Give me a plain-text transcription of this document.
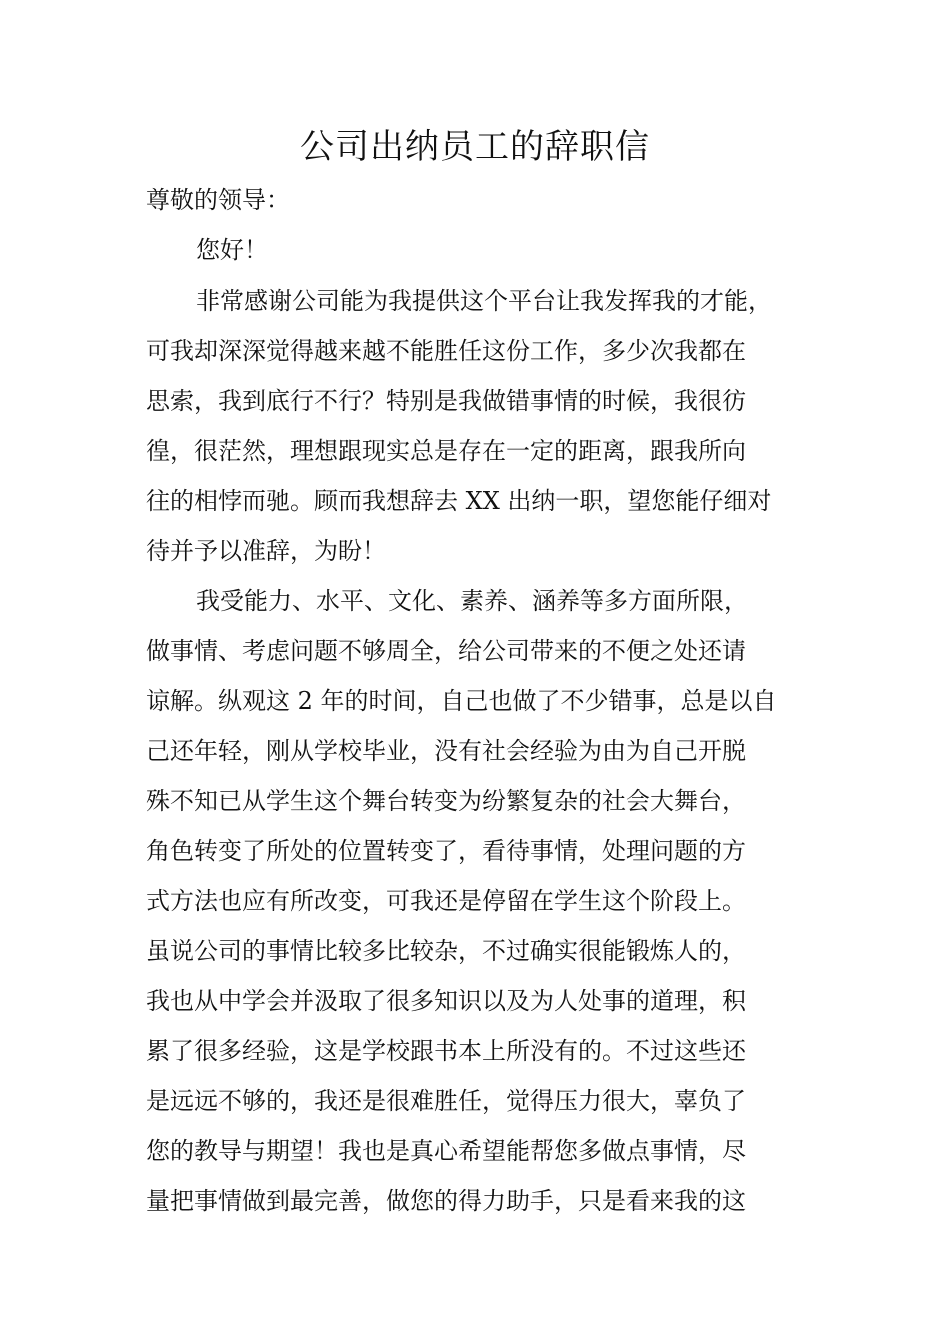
公司出纳员工的辞职信
尊敬的领导：
您好！
非常感谢公司能为我提供这个平台让我发挥我的才能，
可我却深深觉得越来越不能胜任这份工作，多少次我都在
思索，我到底行不行？特别是我做错事情的时候，我很彷
徨，很茫然，理想跟现实总是存在一定的距离，跟我所向
往的相悖而驰。顾而我想辞去 XX 出纳一职，望您能仔细对
待并予以准辞，为盼！
我受能力、水平、文化、素养、涵养等多方面所限，
做事情、考虑问题不够周全，给公司带来的不便之处还请
谅解。纵观这 2 年的时间，自己也做了不少错事，总是以自
己还年轻，刚从学校毕业，没有社会经验为由为自己开脱
殊不知已从学生这个舞台转变为纷繁复杂的社会大舞台，
角色转变了所处的位置转变了，看待事情，处理问题的方
式方法也应有所改变，可我还是停留在学生这个阶段上。
虽说公司的事情比较多比较杂，不过确实很能锻炼人的，
我也从中学会并汲取了很多知识以及为人处事的道理，积
累了很多经验，这是学校跟书本上所没有的。不过这些还
是远远不够的，我还是很难胜任，觉得压力很大，辜负了
您的教导与期望！我也是真心希望能帮您多做点事情，尽
量把事情做到最完善，做您的得力助手，只是看来我的这
